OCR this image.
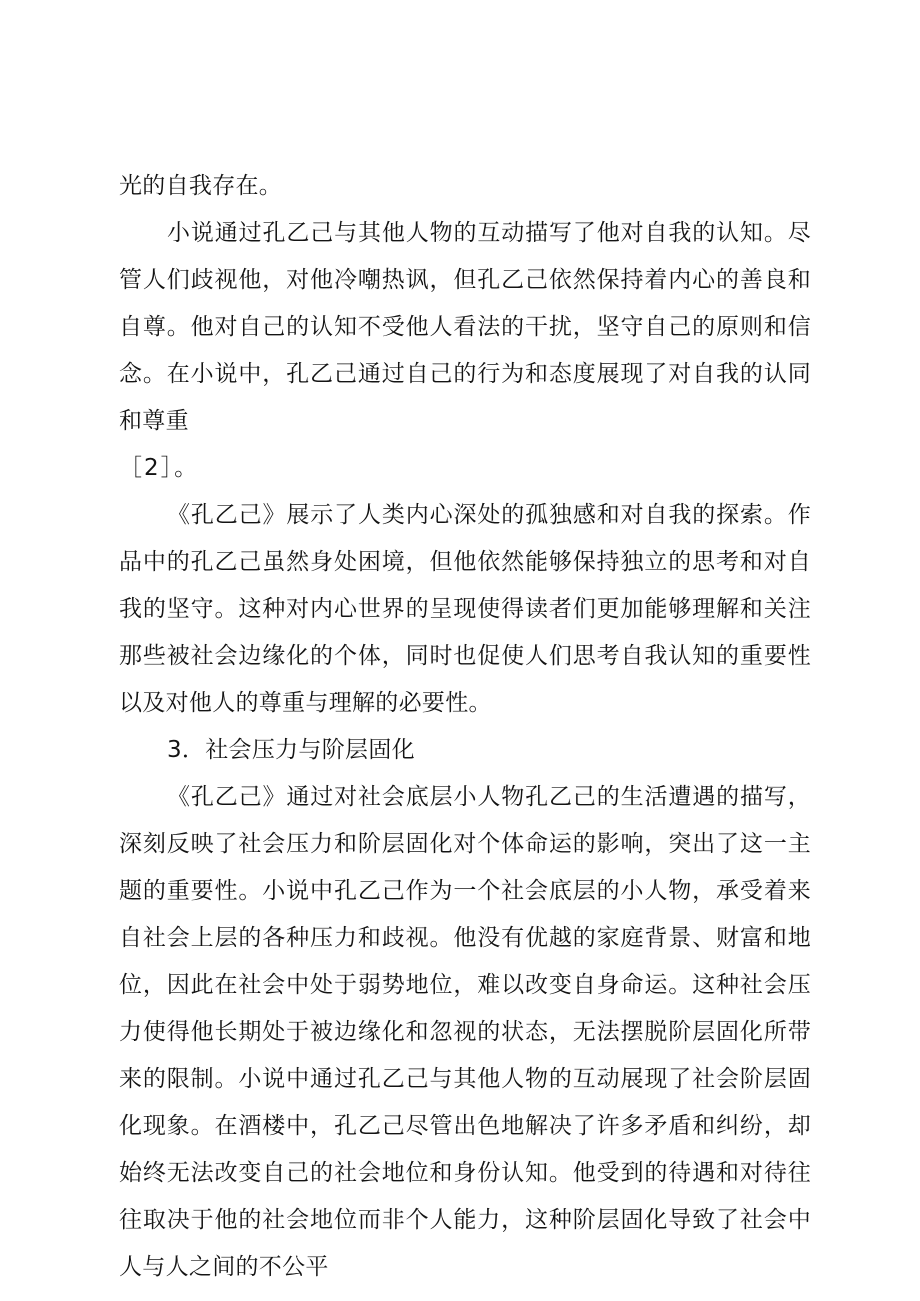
光的自我存在。

小说通过孔乙己与其他人物的互动描写了他对自我的认知。尽管人们歧视他，对他冷嘲热讽，但孔乙己依然保持着内心的善良和自尊。他对自己的认知不受他人看法的干扰，坚守自己的原则和信念。在小说中，孔乙己通过自己的行为和态度展现了对自我的认同和尊重
［2］。

《孔乙己》展示了人类内心深处的孤独感和对自我的探索。作品中的孔乙己虽然身处困境，但他依然能够保持独立的思考和对自我的坚守。这种对内心世界的呈现使得读者们更加能够理解和关注那些被社会边缘化的个体，同时也促使人们思考自我认知的重要性以及对他人的尊重与理解的必要性。

3．社会压力与阶层固化

《孔乙己》通过对社会底层小人物孔乙己的生活遭遇的描写，深刻反映了社会压力和阶层固化对个体命运的影响，突出了这一主题的重要性。小说中孔乙己作为一个社会底层的小人物，承受着来自社会上层的各种压力和歧视。他没有优越的家庭背景、财富和地位，因此在社会中处于弱势地位，难以改变自身命运。这种社会压力使得他长期处于被边缘化和忽视的状态，无法摆脱阶层固化所带来的限制。小说中通过孔乙己与其他人物的互动展现了社会阶层固化现象。在酒楼中，孔乙己尽管出色地解决了许多矛盾和纠纷，却始终无法改变自己的社会地位和身份认知。他受到的待遇和对待往往取决于他的社会地位而非个人能力，这种阶层固化导致了社会中人与人之间的不公平
